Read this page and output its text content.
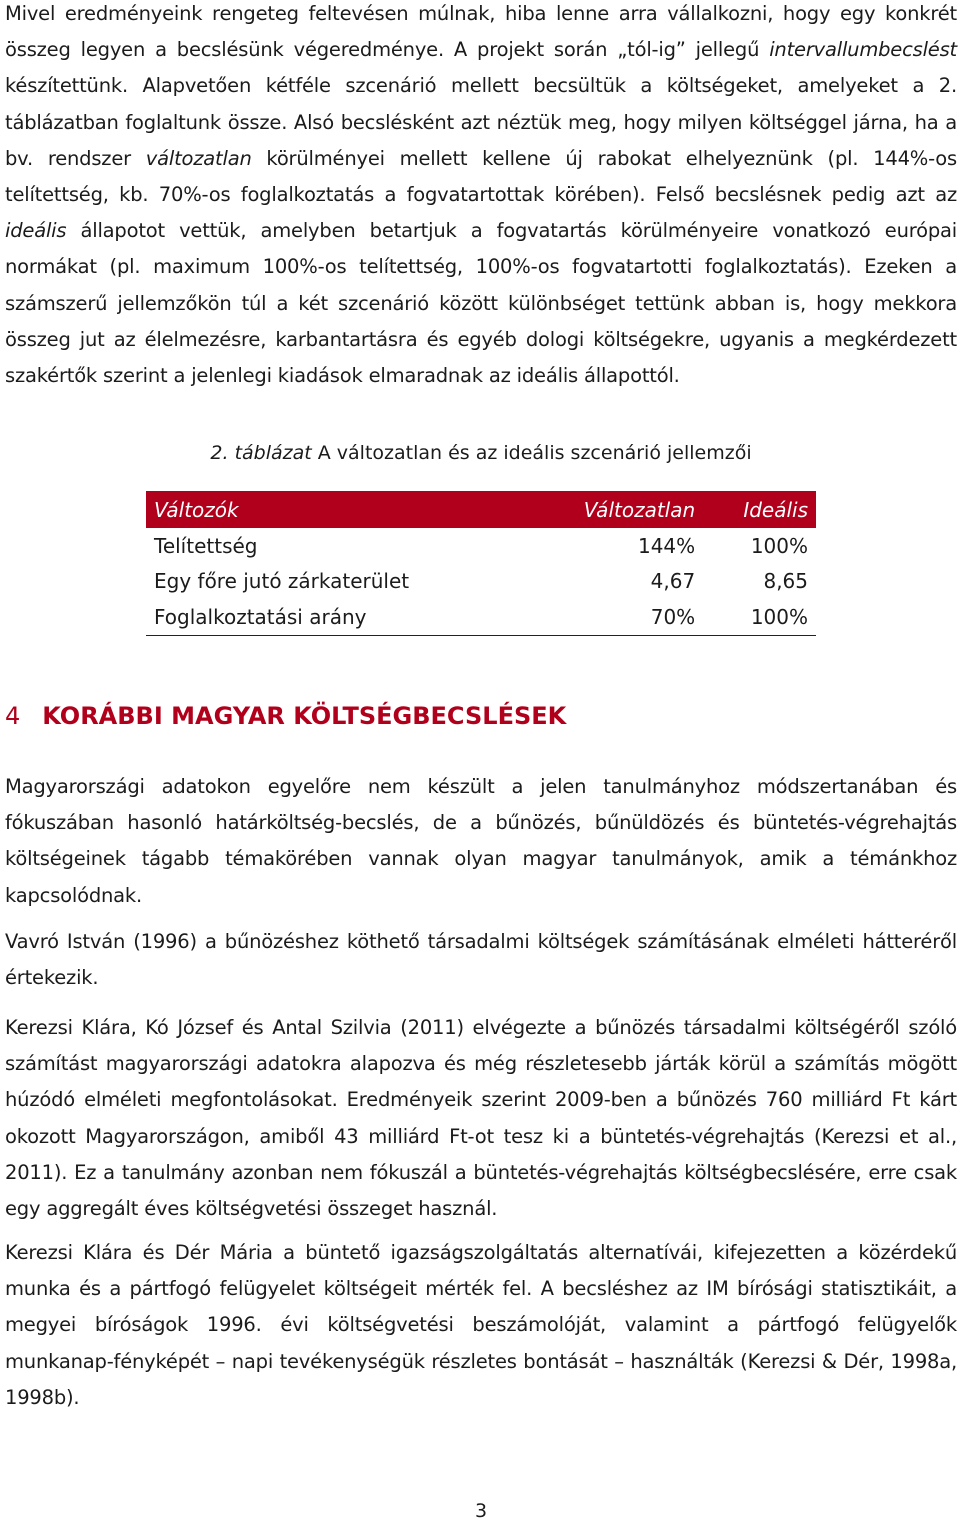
Mivel eredményeink rengeteg feltevésen múlnak, hiba lenne arra vállalkozni, hogy egy konkrét összeg legyen a becslésünk végeredménye. A projekt során „tól-ig” jellegű intervallumbecslést készítettünk. Alapvetően kétféle szcenárió mellett becsültük a költségeket, amelyeket a 2. táblázatban foglaltunk össze. Alsó becslésként azt néztük meg, hogy milyen költséggel járna, ha a bv. rendszer változatlan körülményei mellett kellene új rabokat elhelyeznünk (pl. 144%-os telítettség, kb. 70%-os foglalkoztatás a fogvatartottak körében). Felső becslésnek pedig azt az ideális állapotot vettük, amelyben betartjuk a fogvatartás körülményeire vonatkozó európai normákat (pl. maximum 100%-os telítettség, 100%-os fogvatartotti foglalkoztatás). Ezeken a számszerű jellemzőkön túl a két szcenárió között különbséget tettünk abban is, hogy mekkora összeg jut az élelmezésre, karbantartásra és egyéb dologi költségekre, ugyanis a megkérdezett szakértők szerint a jelenlegi kiadások elmaradnak az ideális állapottól.

2. táblázat A változatlan és az ideális szcenárió jellemzői
Változók	Változatlan	Ideális
Telítettség	144%	100%
Egy főre jutó zárkaterület	4,67	8,65
Foglalkoztatási arány	70%	100%
4 KORÁBBI MAGYAR KÖLTSÉGBECSLÉSEK

Magyarországi adatokon egyelőre nem készült a jelen tanulmányhoz módszertanában és fókuszában hasonló határköltség-becslés, de a bűnözés, bűnüldözés és büntetés-végrehajtás költségeinek tágabb témakörében vannak olyan magyar tanulmányok, amik a témánkhoz kapcsolódnak.

Vavró István (1996) a bűnözéshez köthető társadalmi költségek számításának elméleti hátteréről értekezik.

Kerezsi Klára, Kó József és Antal Szilvia (2011) elvégezte a bűnözés társadalmi költségéről szóló számítást magyarországi adatokra alapozva és még részletesebb járták körül a számítás mögött húzódó elméleti megfontolásokat. Eredményeik szerint 2009-ben a bűnözés 760 milliárd Ft kárt okozott Magyarországon, amiből 43 milliárd Ft-ot tesz ki a büntetés-végrehajtás (Kerezsi et al., 2011). Ez a tanulmány azonban nem fókuszál a büntetés-végrehajtás költségbecslésére, erre csak egy aggregált éves költségvetési összeget használ.

Kerezsi Klára és Dér Mária a büntető igazságszolgáltatás alternatívái, kifejezetten a közérdekű munka és a pártfogó felügyelet költségeit mérték fel. A becsléshez az IM bírósági statisztikáit, a megyei bíróságok 1996. évi költségvetési beszámolóját, valamint a pártfogó felügyelők munkanap-fényképét – napi tevékenységük részletes bontását – használták (Kerezsi & Dér, 1998a, 1998b).

3
